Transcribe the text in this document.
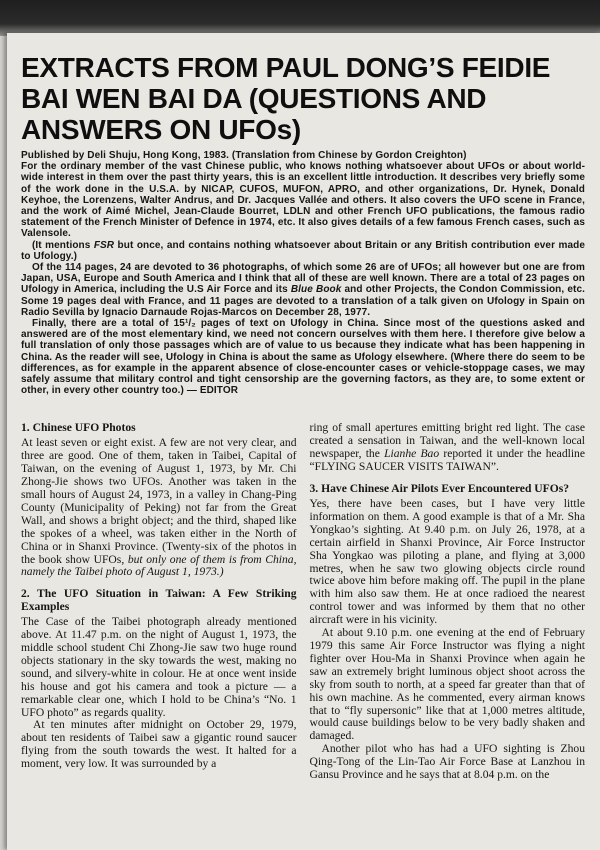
EXTRACTS FROM PAUL DONG’S FEIDIE
BAI WEN BAI DA (QUESTIONS AND
ANSWERS ON UFOs)

Published by Deli Shuju, Hong Kong, 1983. (Translation from Chinese by Gordon Creighton)

For the ordinary member of the vast Chinese public, who knows nothing whatsoever about UFOs or about world-wide interest in them over the past thirty years, this is an excellent little introduction. It describes very briefly some of the work done in the U.S.A. by NICAP, CUFOS, MUFON, APRO, and other organizations, Dr. Hynek, Donald Keyhoe, the Lorenzens, Walter Andrus, and Dr. Jacques Vallée and others. It also covers the UFO scene in France, and the work of Aimé Michel, Jean-Claude Bourret, LDLN and other French UFO publications, the famous radio statement of the French Minister of Defence in 1974, etc. It also gives details of a few famous French cases, such as Valensole.

(It mentions FSR but once, and contains nothing whatsoever about Britain or any British contribution ever made to Ufology.)

Of the 114 pages, 24 are devoted to 36 photographs, of which some 26 are of UFOs; all however but one are from Japan, USA, Europe and South America and I think that all of these are well known. There are a total of 23 pages on Ufology in America, including the U.S Air Force and its Blue Book and other Projects, the Condon Commission, etc. Some 19 pages deal with France, and 11 pages are devoted to a translation of a talk given on Ufology in Spain on Radio Sevilla by Ignacio Darnaude Rojas-Marcos on December 28, 1977.

Finally, there are a total of 15¹/₂ pages of text on Ufology in China. Since most of the questions asked and answered are of the most elementary kind, we need not concern ourselves with them here. I therefore give below a full translation of only those passages which are of value to us because they indicate what has been happening in China. As the reader will see, Ufology in China is about the same as Ufology elsewhere. (Where there do seem to be differences, as for example in the apparent absence of close-encounter cases or vehicle-stoppage cases, we may safely assume that military control and tight censorship are the governing factors, as they are, to some extent or other, in every other country too.) — EDITOR

1. Chinese UFO Photos

At least seven or eight exist. A few are not very clear, and three are good. One of them, taken in Taibei, Capital of Taiwan, on the evening of August 1, 1973, by Mr. Chi Zhong-Jie shows two UFOs. Another was taken in the small hours of August 24, 1973, in a valley in Chang-Ping County (Municipality of Peking) not far from the Great Wall, and shows a bright object; and the third, shaped like the spokes of a wheel, was taken either in the North of China or in Shanxi Province. (Twenty-six of the photos in the book show UFOs, but only one of them is from China, namely the Taibei photo of August 1, 1973.)

2. The UFO Situation in Taiwan: A Few Striking Examples

The Case of the Taibei photograph already mentioned above. At 11.47 p.m. on the night of August 1, 1973, the middle school student Chi Zhong-Jie saw two huge round objects stationary in the sky towards the west, making no sound, and silvery-white in colour. He at once went inside his house and got his camera and took a picture — a remarkable clear one, which I hold to be China’s “No. 1 UFO photo” as regards quality.

At ten minutes after midnight on October 29, 1979, about ten residents of Taibei saw a gigantic round saucer flying from the south towards the west. It halted for a moment, very low. It was surrounded by a

ring of small apertures emitting bright red light. The case created a sensation in Taiwan, and the well-known local newspaper, the Lianhe Bao reported it under the headline “FLYING SAUCER VISITS TAIWAN”.

3. Have Chinese Air Pilots Ever Encountered UFOs?

Yes, there have been cases, but I have very little information on them. A good example is that of a Mr. Sha Yongkao’s sighting. At 9.40 p.m. on July 26, 1978, at a certain airfield in Shanxi Province, Air Force Instructor Sha Yongkao was piloting a plane, and flying at 3,000 metres, when he saw two glowing objects circle round twice above him before making off. The pupil in the plane with him also saw them. He at once radioed the nearest control tower and was informed by them that no other aircraft were in his vicinity.

At about 9.10 p.m. one evening at the end of February 1979 this same Air Force Instructor was flying a night fighter over Hou-Ma in Shanxi Province when again he saw an extremely bright luminous object shoot across the sky from south to north, at a speed far greater than that of his own machine. As he commented, every airman knows that to “fly supersonic” like that at 1,000 metres altitude, would cause buildings below to be very badly shaken and damaged.

Another pilot who has had a UFO sighting is Zhou Qing-Tong of the Lin-Tao Air Force Base at Lanzhou in Gansu Province and he says that at 8.04 p.m. on the
